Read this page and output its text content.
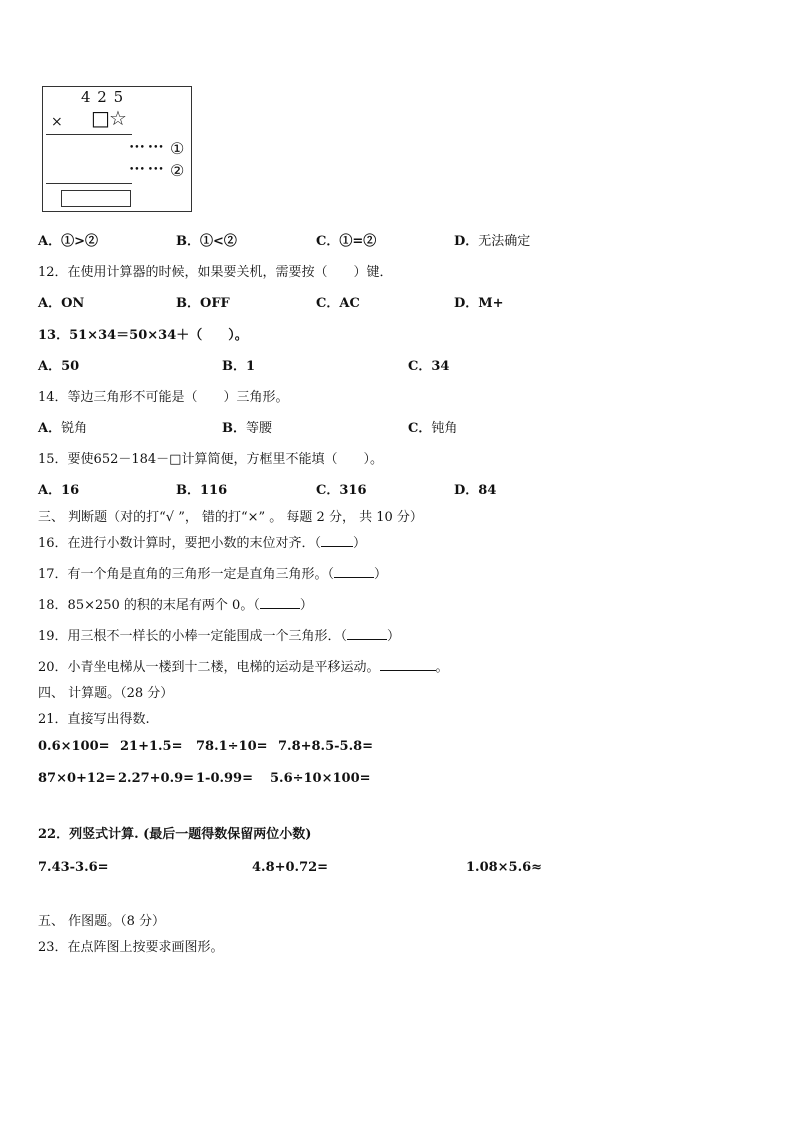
4 2 5
× □ ☆
••• ••• ①
••• ••• ②
A．①>②	B．①<②	C．①=②	D．无法确定
12．在使用计算器的时候，如果要关机，需要按（　　）键．
A．ON	B．OFF	C．AC	D．M+
13．51×34＝50×34＋（　　）。
A．50	B．1	C．34
14．等边三角形不可能是（　　）三角形。
A．锐角	B．等腰	C．钝角
15．要使652－184－□计算简便，方框里不能填（　　）。
A．16	B．116	C．316	D．84
三、 判断题（对的打“√ ”， 错的打“×” 。 每题 2 分， 共 10 分）
16．在进行小数计算时，要把小数的末位对齐．（ ）
17．有一个角是直角的三角形一定是直角三角形。（	）
18．85×250 的积的末尾有两个 0。（	）
19．用三根不一样长的小棒一定能围成一个三角形．（	）
20．小青坐电梯从一楼到十二楼，电梯的运动是平移运动。	。
四、 计算题。（28 分）
21．直接写出得数.
0.6×100= 21+1.5= 78.1÷10= 7.8+8.5-5.8=
87×0+12= 2.27+0.9= 1-0.99= 5.6÷10×100=
22．列竖式计算. (最后一题得数保留两位小数)
7.43-3.6=	4.8+0.72=	1.08×5.6≈
五、 作图题。（8 分）
23．在点阵图上按要求画图形。
